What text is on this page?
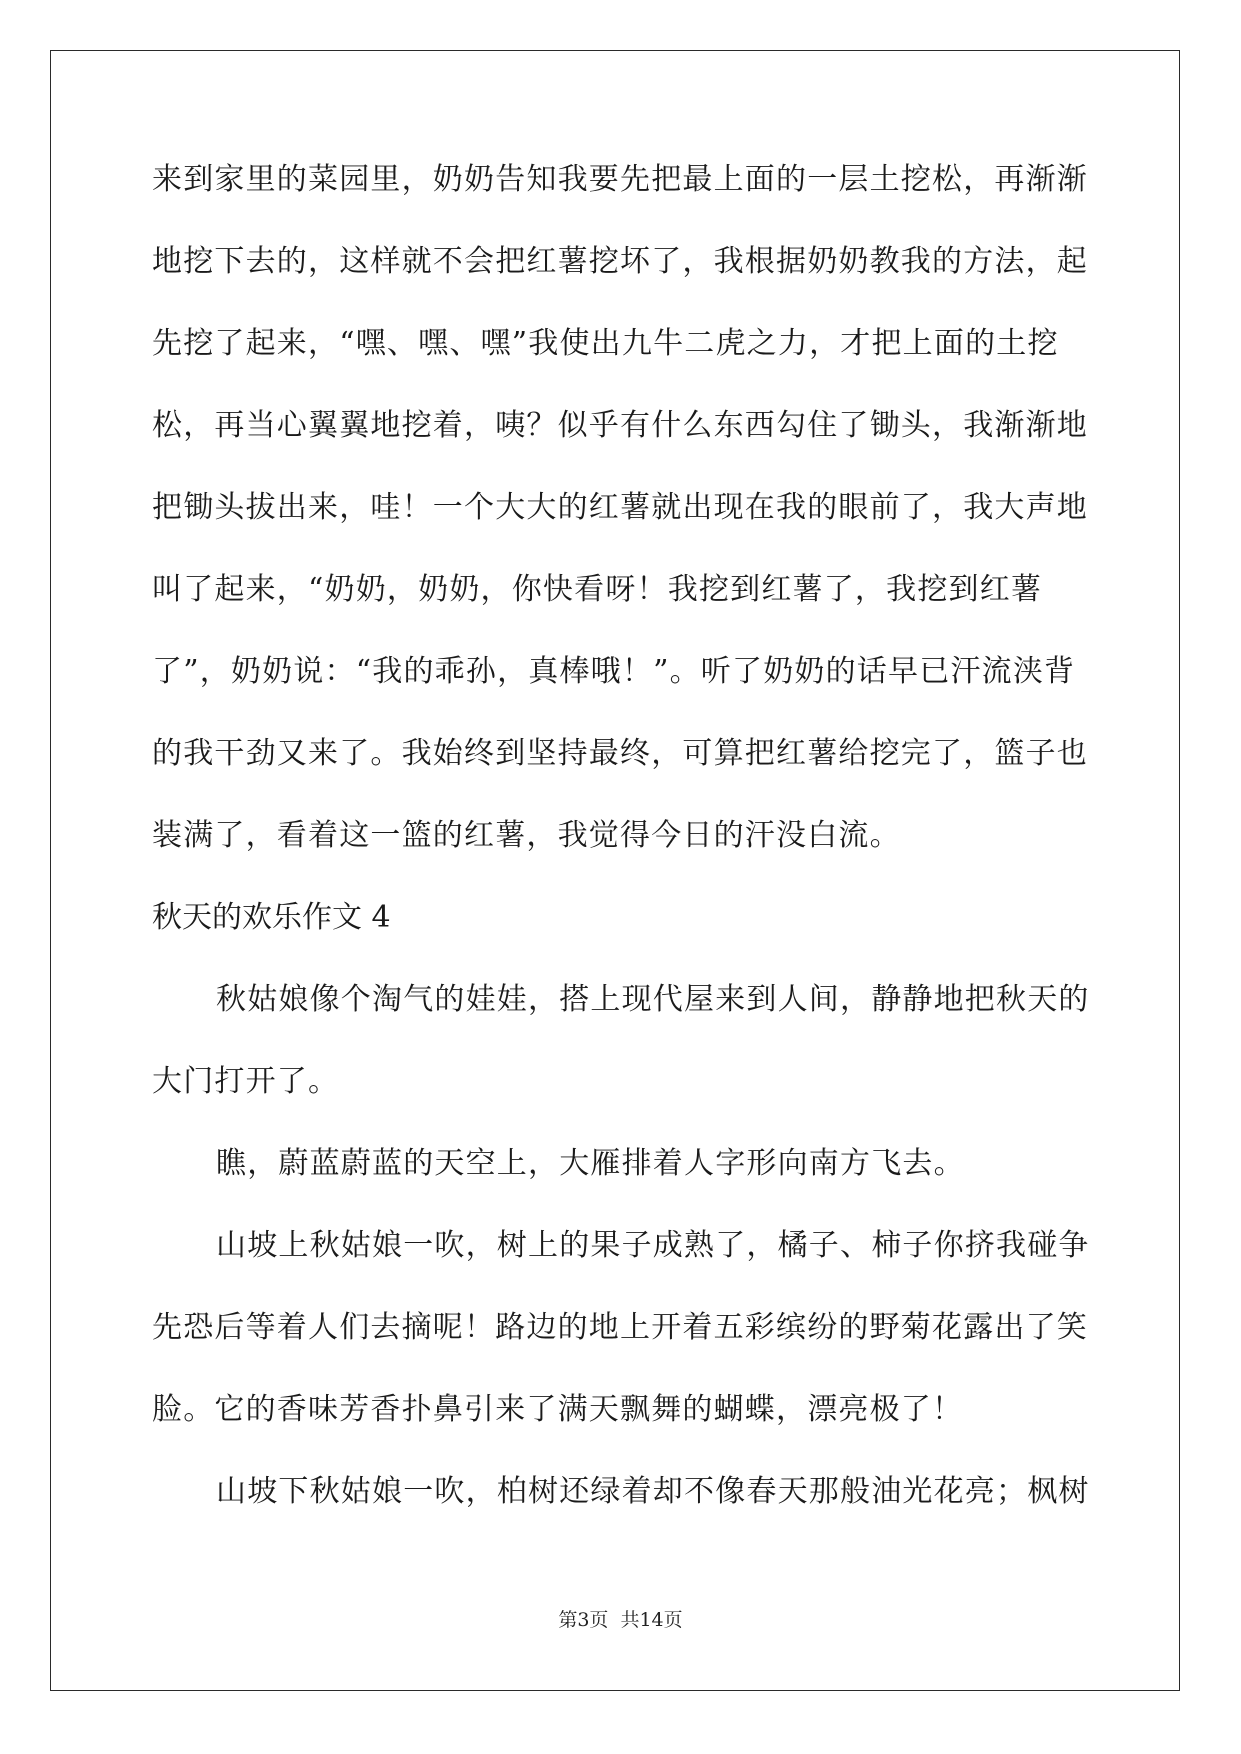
来到家里的菜园里，奶奶告知我要先把最上面的一层土挖松，再渐渐
地挖下去的，这样就不会把红薯挖坏了，我根据奶奶教我的方法，起
先挖了起来，“嘿、嘿、嘿”我使出九牛二虎之力，才把上面的土挖
松，再当心翼翼地挖着，咦？似乎有什么东西勾住了锄头，我渐渐地
把锄头拔出来，哇！一个大大的红薯就出现在我的眼前了，我大声地
叫了起来，“奶奶，奶奶，你快看呀！我挖到红薯了，我挖到红薯
了”，奶奶说：“我的乖孙，真棒哦！”。听了奶奶的话早已汗流浃背
的我干劲又来了。我始终到坚持最终，可算把红薯给挖完了，篮子也
装满了，看着这一篮的红薯，我觉得今日的汗没白流。
秋天的欢乐作文 4
秋姑娘像个淘气的娃娃，搭上现代屋来到人间，静静地把秋天的
大门打开了。
瞧，蔚蓝蔚蓝的天空上，大雁排着人字形向南方飞去。
山坡上秋姑娘一吹，树上的果子成熟了，橘子、柿子你挤我碰争
先恐后等着人们去摘呢！路边的地上开着五彩缤纷的野菊花露出了笑
脸。它的香味芳香扑鼻引来了满天飘舞的蝴蝶，漂亮极了！
山坡下秋姑娘一吹，柏树还绿着却不像春天那般油光花亮；枫树
第3页 共14页
